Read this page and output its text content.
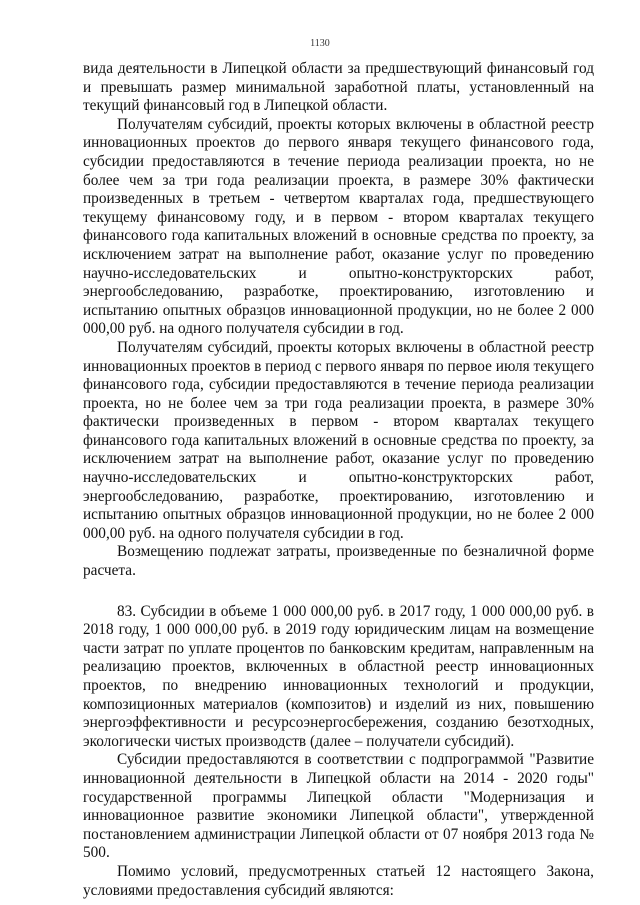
1130

вида деятельности в Липецкой области за предшествующий финансовый год и превышать размер минимальной заработной платы, установленный на текущий финансовый год в Липецкой области.

Получателям субсидий, проекты которых включены в областной реестр инновационных проектов до первого января текущего финансового года, субсидии предоставляются в течение периода реализации проекта, но не более чем за три года реализации проекта, в размере 30% фактически произведенных в третьем - четвертом кварталах года, предшествующего текущему финансовому году, и в первом - втором кварталах текущего финансового года капитальных вложений в основные средства по проекту, за исключением затрат на выполнение работ, оказание услуг по проведению научно-исследовательских и опытно-конструкторских работ, энергообследованию, разработке, проектированию, изготовлению и испытанию опытных образцов инновационной продукции, но не более 2 000 000,00 руб. на одного получателя субсидии в год.

Получателям субсидий, проекты которых включены в областной реестр инновационных проектов в период с первого января по первое июля текущего финансового года, субсидии предоставляются в течение периода реализации проекта, но не более чем за три года реализации проекта, в размере 30% фактически произведенных в первом - втором кварталах текущего финансового года капитальных вложений в основные средства по проекту, за исключением затрат на выполнение работ, оказание услуг по проведению научно-исследовательских и опытно-конструкторских работ, энергообследованию, разработке, проектированию, изготовлению и испытанию опытных образцов инновационной продукции, но не более 2 000 000,00 руб. на одного получателя субсидии в год.

Возмещению подлежат затраты, произведенные по безналичной форме расчета.

83. Субсидии в объеме 1 000 000,00 руб. в 2017 году, 1 000 000,00 руб. в 2018 году, 1 000 000,00 руб. в 2019 году юридическим лицам на возмещение части затрат по уплате процентов по банковским кредитам, направленным на реализацию проектов, включенных в областной реестр инновационных проектов, по внедрению инновационных технологий и продукции, композиционных материалов (композитов) и изделий из них, повышению энергоэффективности и ресурсоэнергосбережения, созданию безотходных, экологически чистых производств (далее – получатели субсидий).

Субсидии предоставляются в соответствии с подпрограммой "Развитие инновационной деятельности в Липецкой области на 2014 - 2020 годы" государственной программы Липецкой области "Модернизация и инновационное развитие экономики Липецкой области", утвержденной постановлением администрации Липецкой области от 07 ноября 2013 года № 500.

Помимо условий, предусмотренных статьей 12 настоящего Закона, условиями предоставления субсидий являются:
